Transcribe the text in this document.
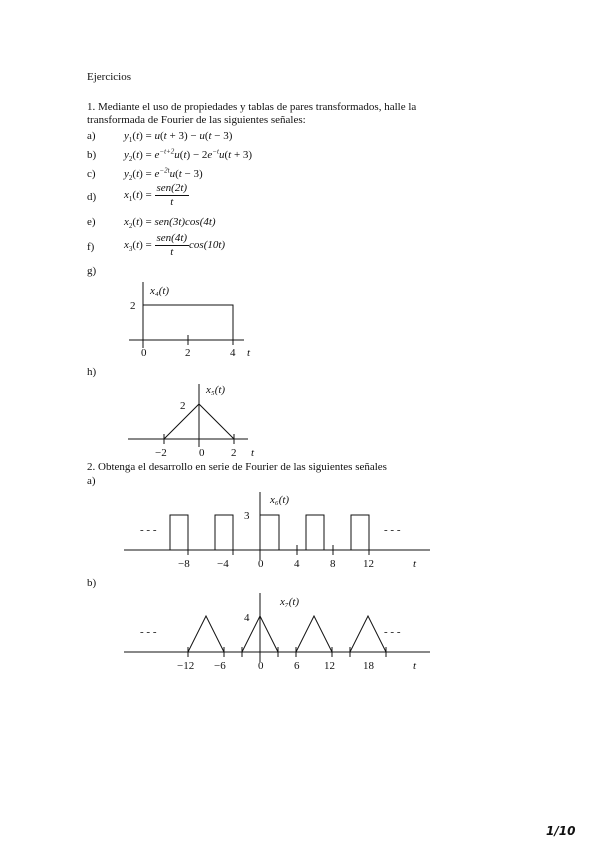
Ejercicios
1. Mediante el uso de propiedades y tablas de pares transformados, halle la
transformada de Fourier de las siguientes señales:
a)	$y_1(t) = u(t + 3) - u(t - 3)$
b)	$y_2(t) = e^{-t+2}u(t) - 2e^{-t}u(t + 3)$
c)	$y_2(t) = e^{-2t}u(t - 3)$
d)	$x_1(t) = \frac{\text{sen(2t)}}{t}$
e)	$x_2(t) = sen(3t)\cos(4t)$
f)	$x_3(t) = \frac{\text{sen(4t)}}{t} \cos(10t)$
g)
h)
2. Obtenga el desarrollo en serie de Fourier de las siguientes señales
a)
b)
x₄(t)
2
0	2	4 t
x₅(t)
2
−2	0 2 t
x₆(t)
3
- - -	- - -
−8 −4	0	4	8	12	t
x₇(t)
4
- - -	- - -
−12 −6	0	6 12	18	t
1/10
